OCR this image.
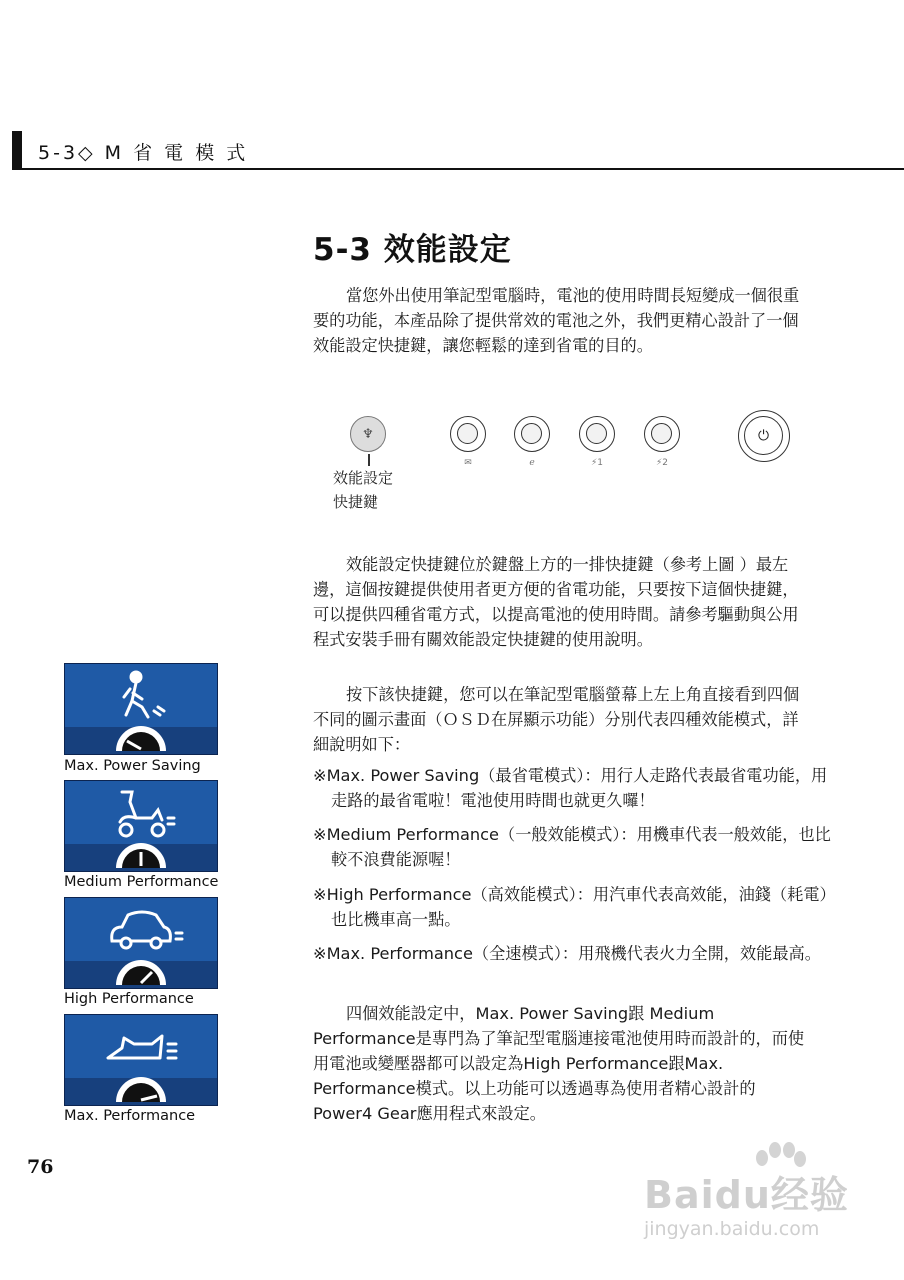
5-3◇ M 省 電 模 式
5-3 效能設定

當您外出使用筆記型電腦時，電池的使用時間長短變成一個很重要的功能，本產品除了提供常效的電池之外，我們更精心設計了一個效能設定快捷鍵，讓您輕鬆的達到省電的目的。

♆
效能設定
快捷鍵
✉	ℯ	⚡1	⚡2
⏻

效能設定快捷鍵位於鍵盤上方的一排快捷鍵（參考上圖 ）最左邊，這個按鍵提供使用者更方便的省電功能，只要按下這個快捷鍵，可以提供四種省電方式，以提高電池的使用時間。請參考驅動與公用程式安裝手冊有關效能設定快捷鍵的使用說明。

按下該快捷鍵，您可以在筆記型電腦螢幕上左上角直接看到四個不同的圖示畫面（ＯＳＤ在屏顯示功能）分別代表四種效能模式，詳細說明如下：

※Max. Power Saving（最省電模式）：用行人走路代表最省電功能，用走路的最省電啦！電池使用時間也就更久囉！

※Medium Performance（一般效能模式）：用機車代表一般效能，也比較不浪費能源喔！

※High Performance（高效能模式）：用汽車代表高效能，油錢（耗電）也比機車高一點。

※Max. Performance（全速模式）：用飛機代表火力全開，效能最高。

四個效能設定中，Max. Power Saving跟 Medium Performance是專門為了筆記型電腦連接電池使用時而設計的，而使用電池或變壓器都可以設定為High Performance跟Max. Performance模式。以上功能可以透過專為使用者精心設計的Power4 Gear應用程式來設定。

Max. Power Saving
Medium Performance
High Performance
Max. Performance
76
Baidu经验
jingyan.baidu.com
